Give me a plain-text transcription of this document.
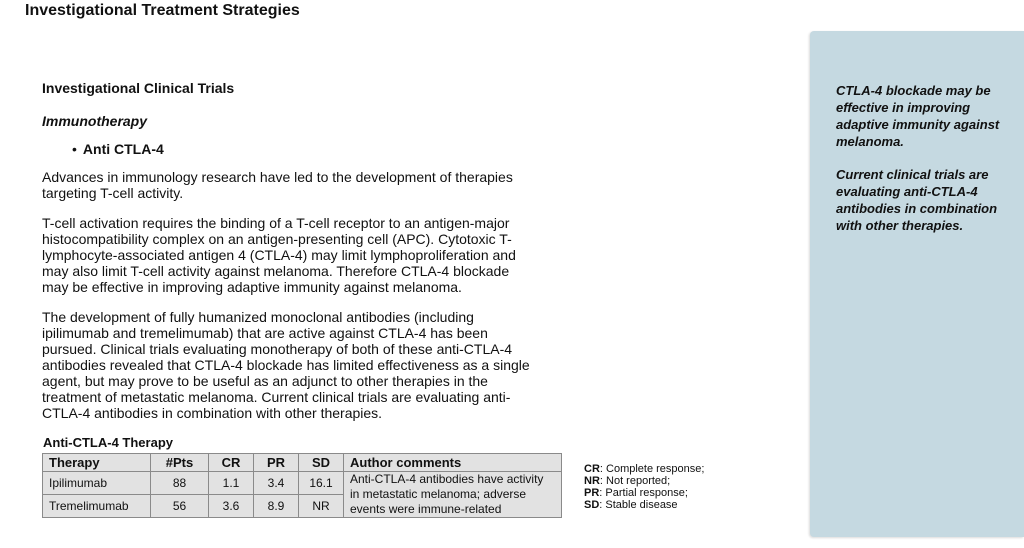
Investigational Treatment Strategies
Investigational Clinical Trials
Immunotherapy
• Anti CTLA-4

Advances in immunology research have led to the development of therapies targeting T-cell activity.

T-cell activation requires the binding of a T-cell receptor to an antigen-major histocompatibility complex on an antigen-presenting cell (APC). Cytotoxic T-lymphocyte-associated antigen 4 (CTLA-4) may limit lymphoproliferation and may also limit T-cell activity against melanoma. Therefore CTLA-4 blockade may be effective in improving adaptive immunity against melanoma.

The development of fully humanized monoclonal antibodies (including ipilimumab and tremelimumab) that are active against CTLA-4 has been pursued. Clinical trials evaluating monotherapy of both of these anti-CTLA-4 antibodies revealed that CTLA-4 blockade has limited effectiveness as a single agent, but may prove to be useful as an adjunct to other therapies in the treatment of metastatic melanoma. Current clinical trials are evaluating anti-CTLA-4 antibodies in combination with other therapies.

Anti-CTLA-4 Therapy
Therapy	#Pts	CR	PR	SD	Author comments
Ipilimumab	88	1.1	3.4	16.1	Anti-CTLA-4 antibodies have activity in metastatic melanoma; adverse events were immune-related
Tremelimumab	56	3.6	8.9	NR	
CR: Complete response;
NR: Not reported;
PR: Partial response;
SD: Stable disease

CTLA-4 blockade may be effective in improving adaptive immunity against melanoma.

Current clinical trials are evaluating anti-CTLA-4 antibodies in combination with other therapies.
